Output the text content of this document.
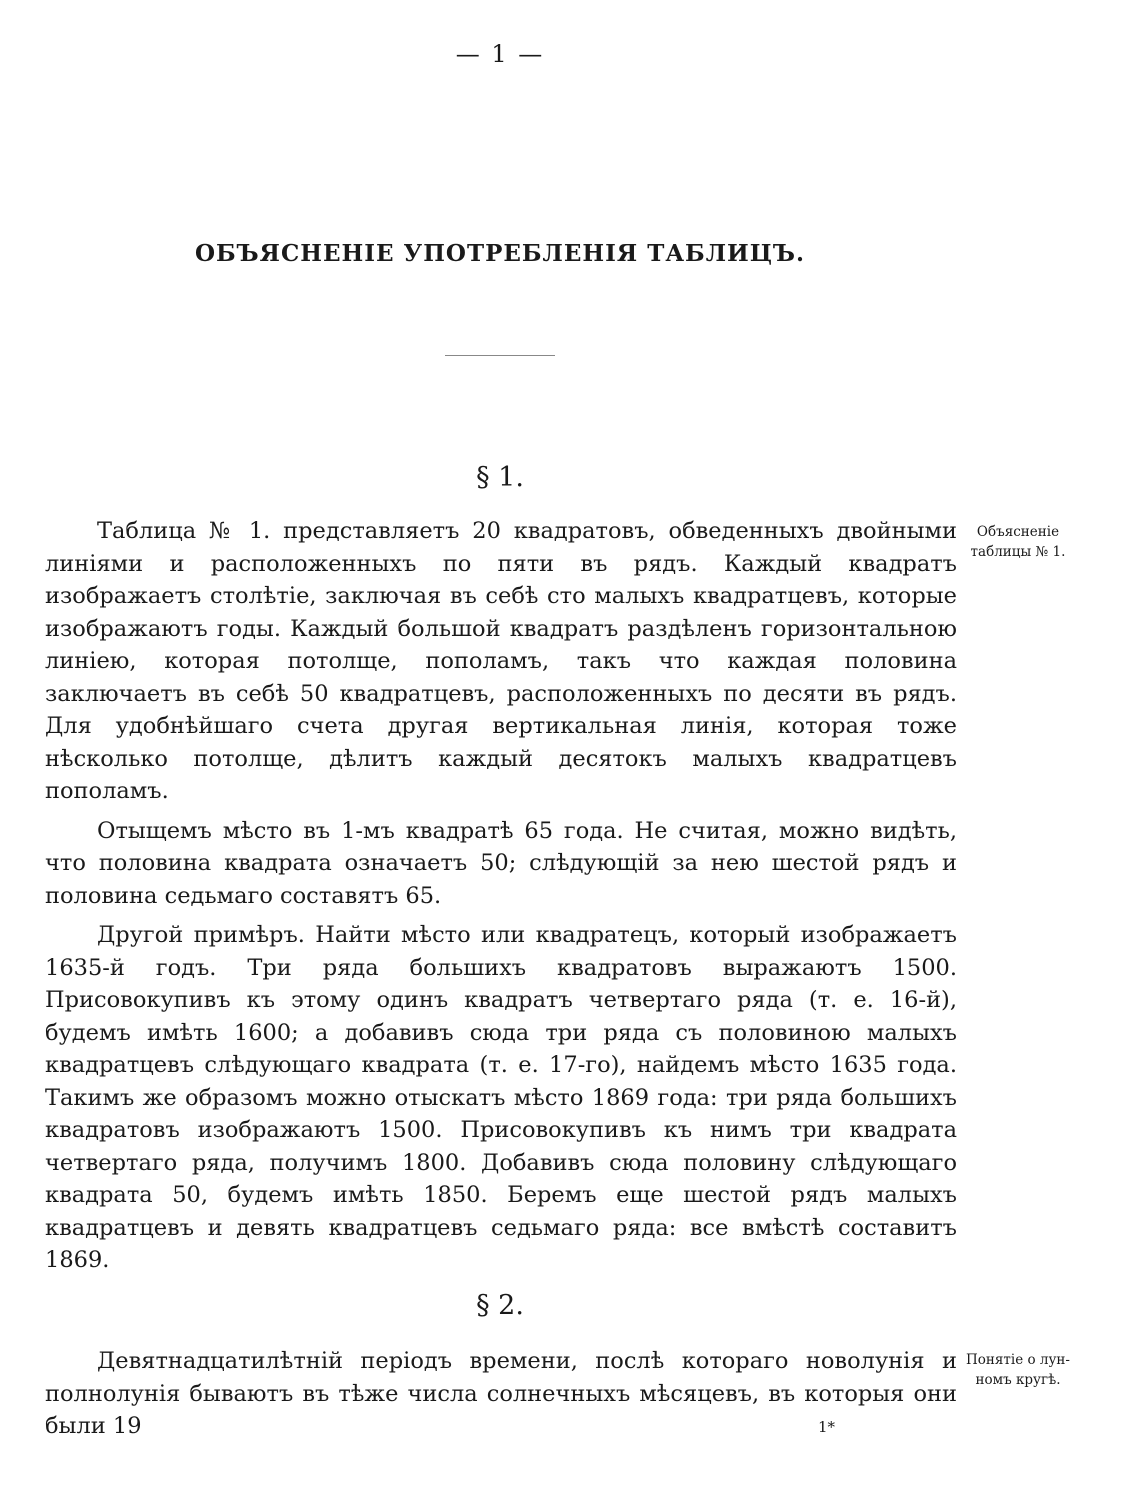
— 1 —
ОБЪЯСНЕНІЕ УПОТРЕБЛЕНІЯ ТАБЛИЦЪ.
§ 1.
Объясненіе таблицы № 1.

Таблица № 1. представляетъ 20 квадратовъ, обведенныхъ двойными линіями и расположенныхъ по пяти въ рядъ. Каждый квадратъ изображаетъ столѣтіе, заключая въ себѣ сто малыхъ квадратцевъ, которые изображаютъ годы. Каждый большой квадратъ раздѣленъ горизонтальною линіею, которая потолще, пополамъ, такъ что каждая половина заключаетъ въ себѣ 50 квадратцевъ, расположенныхъ по десяти въ рядъ. Для удобнѣйшаго счета другая вертикальная линія, которая тоже нѣсколько потолще, дѣлитъ каждый десятокъ малыхъ квадратцевъ пополамъ.

Отыщемъ мѣсто въ 1-мъ квадратѣ 65 года. Не считая, можно видѣть, что половина квадрата означаетъ 50; слѣдующій за нею шестой рядъ и половина седьмаго составятъ 65.

Другой примѣръ. Найти мѣсто или квадратецъ, который изображаетъ 1635-й годъ. Три ряда большихъ квадратовъ выражаютъ 1500. Присовокупивъ къ этому одинъ квадратъ четвертаго ряда (т. е. 16-й), будемъ имѣть 1600; а добавивъ сюда три ряда съ половиною малыхъ квадратцевъ слѣдующаго квадрата (т. е. 17-го), найдемъ мѣсто 1635 года. Такимъ же образомъ можно отыскатъ мѣсто 1869 года: три ряда большихъ квадратовъ изображаютъ 1500. Присовокупивъ къ нимъ три квадрата четвертаго ряда, получимъ 1800. Добавивъ сюда половину слѣдующаго квадрата 50, будемъ имѣть 1850. Беремъ еще шестой рядъ малыхъ квадратцевъ и девять квадратцевъ седьмаго ряда: все вмѣстѣ составитъ 1869.

§ 2.
Понятіе о лунномъ кругѣ.

Девятнадцатилѣтній періодъ времени, послѣ котораго новолунія и полнолунія бываютъ въ тѣже числа солнечныхъ мѣсяцевъ, въ которыя они были 19	1*
